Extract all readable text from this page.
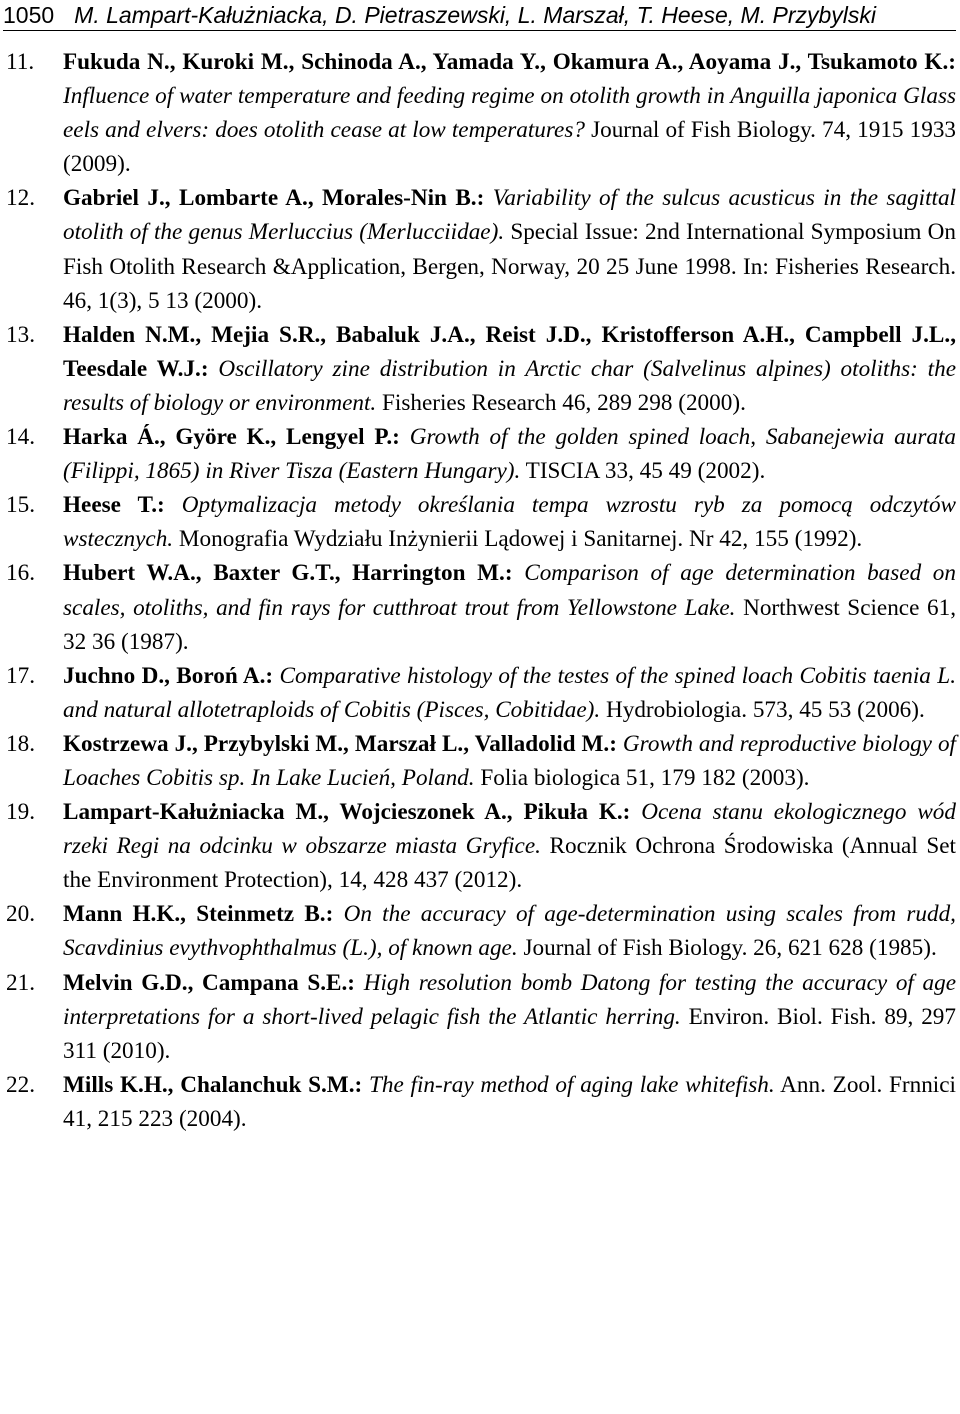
1050 M. Lampart-Kałużniacka, D. Pietraszewski, L. Marszał, T. Heese, M. Przybylski
11. Fukuda N., Kuroki M., Schinoda A., Yamada Y., Okamura A., Aoyama J., Tsukamoto K.: Influence of water temperature and feeding regime on otolith growth in Anguilla japonica Glass eels and elvers: does otolith cease at low temperatures? Journal of Fish Biology. 74, 1915 1933 (2009).
12. Gabriel J., Lombarte A., Morales-Nin B.: Variability of the sulcus acusticus in the sagittal otolith of the genus Merluccius (Merlucciidae). Special Issue: 2nd International Symposium On Fish Otolith Research &Application, Bergen, Norway, 20 25 June 1998. In: Fisheries Research. 46, 1(3), 5 13 (2000).
13. Halden N.M., Mejia S.R., Babaluk J.A., Reist J.D., Kristofferson A.H., Campbell J.L., Teesdale W.J.: Oscillatory zine distribution in Arctic char (Salvelinus alpines) otoliths: the results of biology or environment. Fisheries Research 46, 289 298 (2000).
14. Harka Á., Györe K., Lengyel P.: Growth of the golden spined loach, Sabanejewia aurata (Filippi, 1865) in River Tisza (Eastern Hungary). TISCIA 33, 45 49 (2002).
15. Heese T.: Optymalizacja metody określania tempa wzrostu ryb za pomocą odczytów wstecznych. Monografia Wydziału Inżynierii Lądowej i Sanitarnej. Nr 42, 155 (1992).
16. Hubert W.A., Baxter G.T., Harrington M.: Comparison of age determination based on scales, otoliths, and fin rays for cutthroat trout from Yellowstone Lake. Northwest Science 61, 32 36 (1987).
17. Juchno D., Boroń A.: Comparative histology of the testes of the spined loach Cobitis taenia L. and natural allotetraploids of Cobitis (Pisces, Cobitidae). Hydrobiologia. 573, 45 53 (2006).
18. Kostrzewa J., Przybylski M., Marszał L., Valladolid M.: Growth and reproductive biology of Loaches Cobitis sp. In Lake Lucień, Poland. Folia biologica 51, 179 182 (2003).
19. Lampart-Kałużniacka M., Wojcieszonek A., Pikuła K.: Ocena stanu ekologicznego wód rzeki Regi na odcinku w obszarze miasta Gryfice. Rocznik Ochrona Środowiska (Annual Set the Environment Protection), 14, 428 437 (2012).
20. Mann H.K., Steinmetz B.: On the accuracy of age-determination using scales from rudd, Scavdinius evythvophthalmus (L.), of known age. Journal of Fish Biology. 26, 621 628 (1985).
21. Melvin G.D., Campana S.E.: High resolution bomb Datong for testing the accuracy of age interpretations for a short-lived pelagic fish the Atlantic herring. Environ. Biol. Fish. 89, 297 311 (2010).
22. Mills K.H., Chalanchuk S.M.: The fin-ray method of aging lake whitefish. Ann. Zool. Frnnici 41, 215 223 (2004).
